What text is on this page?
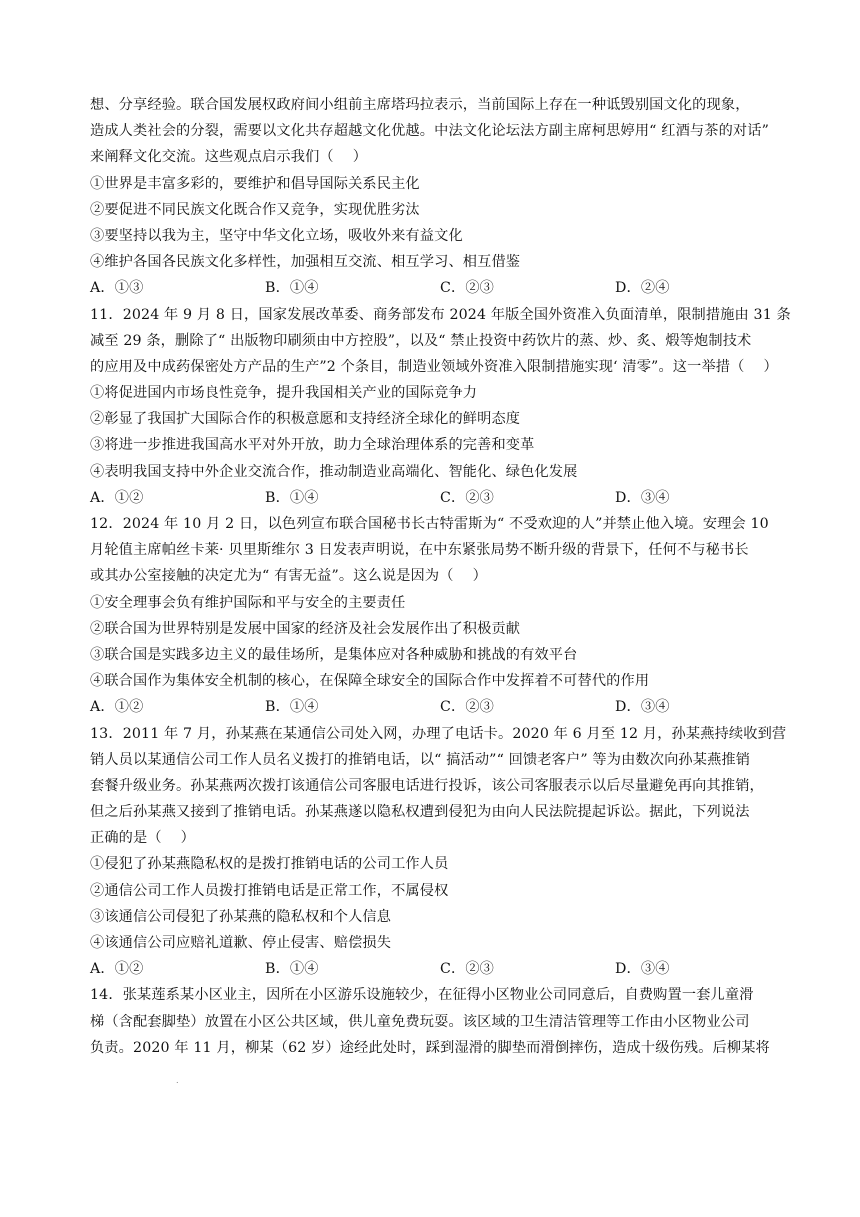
想、分享经验。联合国发展权政府间小组前主席塔玛拉表示，当前国际上存在一种诋毁别国文化的现象，
造成人类社会的分裂，需要以文化共存超越文化优越。中法文化论坛法方副主席柯思婷用“ 红酒与茶的对话”
来阐释文化交流。这些观点启示我们（　 ）
①世界是丰富多彩的，要维护和倡导国际关系民主化
②要促进不同民族文化既合作又竞争，实现优胜劣汰
③要坚持以我为主，坚守中华文化立场，吸收外来有益文化
④维护各国各民族文化多样性，加强相互交流、相互学习、相互借鉴
A．①③	B．①④	C．②③	D．②④
11．2024 年 9 月 8 日，国家发展改革委、商务部发布 2024 年版全国外资准入负面清单，限制措施由 31 条
减至 29 条，删除了“ 出版物印刷须由中方控股”，以及“ 禁止投资中药饮片的蒸、炒、炙、煅等炮制技术
的应用及中成药保密处方产品的生产”2 个条目，制造业领域外资准入限制措施实现‘ 清零”。这一举措（　 ）
①将促进国内市场良性竞争，提升我国相关产业的国际竞争力
②彰显了我国扩大国际合作的积极意愿和支持经济全球化的鲜明态度
③将进一步推进我国高水平对外开放，助力全球治理体系的完善和变革
④表明我国支持中外企业交流合作，推动制造业高端化、智能化、绿色化发展
A．①②	B．①④	C．②③	D．③④
12．2024 年 10 月 2 日，以色列宣布联合国秘书长古特雷斯为“ 不受欢迎的人”并禁止他入境。安理会 10
月轮值主席帕丝卡莱· 贝里斯维尔 3 日发表声明说，在中东紧张局势不断升级的背景下，任何不与秘书长
或其办公室接触的决定尤为“ 有害无益”。这么说是因为（　 ）
①安全理事会负有维护国际和平与安全的主要责任
②联合国为世界特别是发展中国家的经济及社会发展作出了积极贡献
③联合国是实践多边主义的最佳场所，是集体应对各种威胁和挑战的有效平台
④联合国作为集体安全机制的核心，在保障全球安全的国际合作中发挥着不可替代的作用
A．①②	B．①④	C．②③	D．③④
13．2011 年 7 月，孙某燕在某通信公司处入网，办理了电话卡。2020 年 6 月至 12 月，孙某燕持续收到营
销人员以某通信公司工作人员名义拨打的推销电话，以“ 搞活动”“ 回馈老客户” 等为由数次向孙某燕推销
套餐升级业务。孙某燕两次拨打该通信公司客服电话进行投诉，该公司客服表示以后尽量避免再向其推销，
但之后孙某燕又接到了推销电话。孙某燕遂以隐私权遭到侵犯为由向人民法院提起诉讼。据此，下列说法
正确的是（　 ）
①侵犯了孙某燕隐私权的是拨打推销电话的公司工作人员
②通信公司工作人员拨打推销电话是正常工作，不属侵权
③该通信公司侵犯了孙某燕的隐私权和个人信息
④该通信公司应赔礼道歉、停止侵害、赔偿损失
A．①②	B．①④	C．②③	D．③④
14．张某莲系某小区业主，因所在小区游乐设施较少，在征得小区物业公司同意后，自费购置一套儿童滑
梯（含配套脚垫）放置在小区公共区域，供儿童免费玩耍。该区域的卫生清洁管理等工作由小区物业公司
负责。2020 年 11 月，柳某（62 岁）途经此处时，踩到湿滑的脚垫而滑倒摔伤，造成十级伤残。后柳某将
.
